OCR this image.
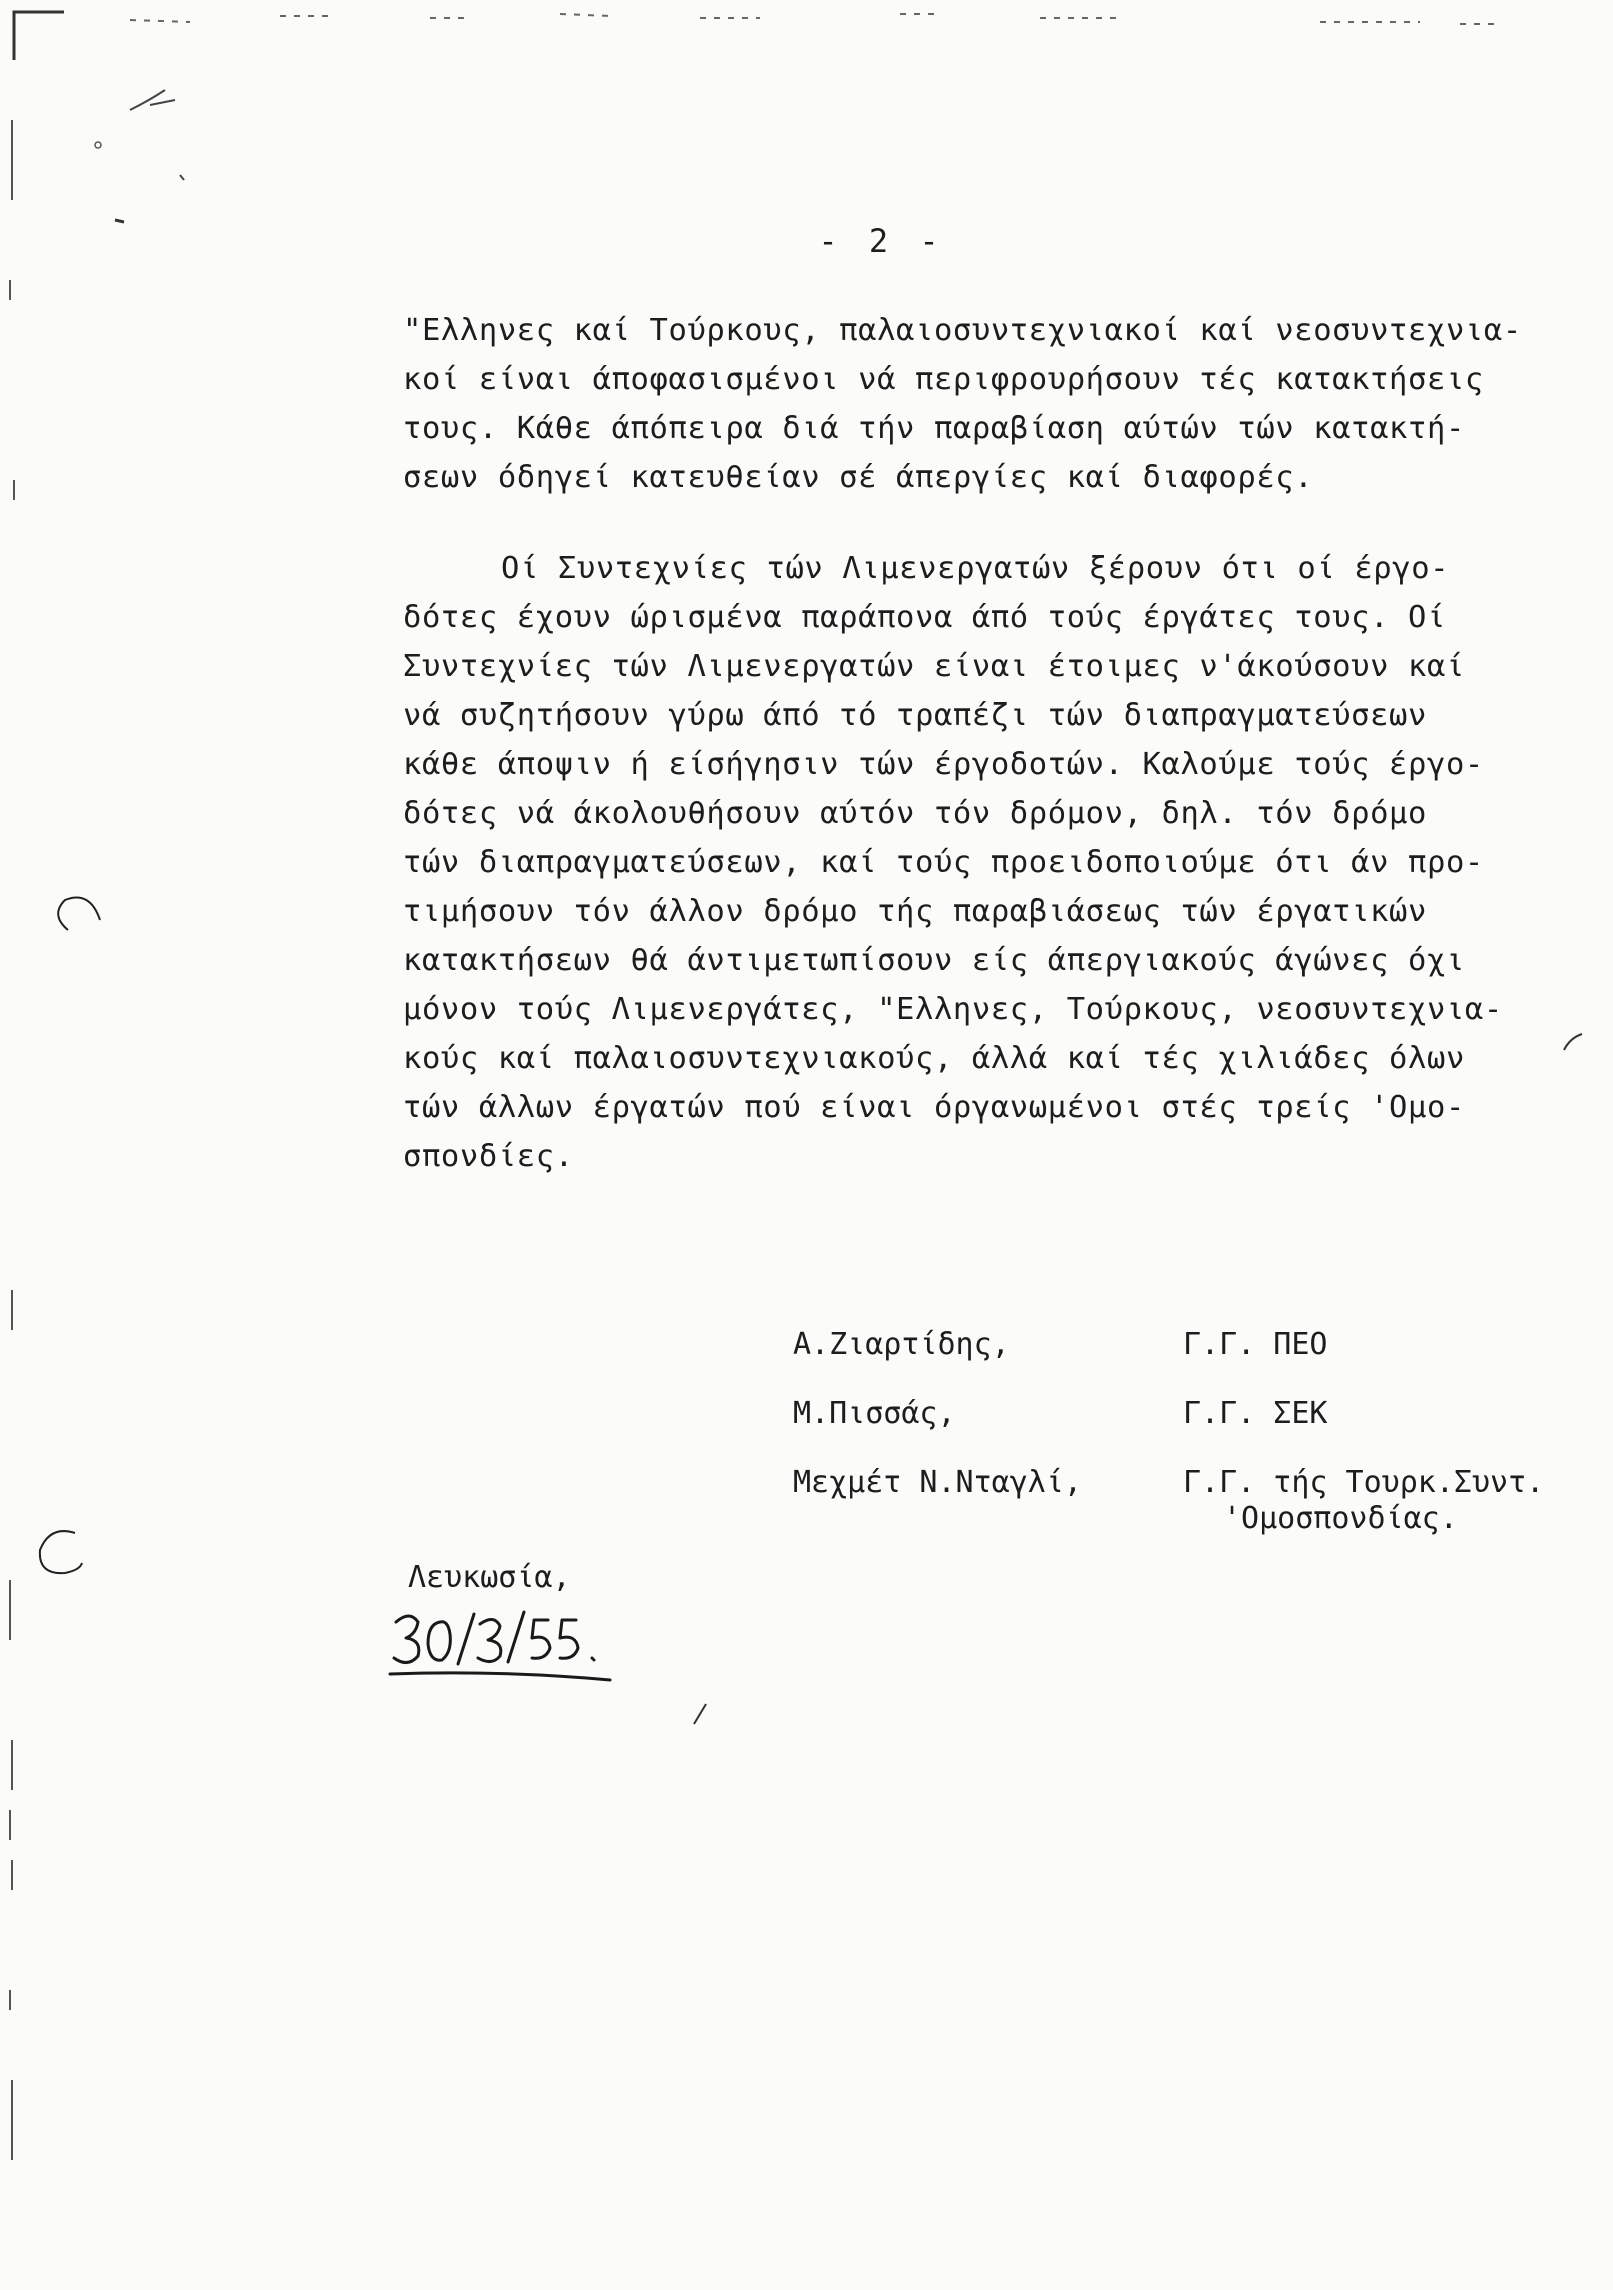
- 2 -
"Ελληνες καί Τούρκους, παλαιοσυντεχνιακοί καί νεοσυντεχνια-
κοί είναι άποφασισμένοι νά περιφρουρήσουν τές κατακτήσεις
τους. Κάθε άπόπειρα διά τήν παραβίαση αύτών τών κατακτή-
σεων όδηγεί κατευθείαν σέ άπεργίες καί διαφορές.
Οί Συντεχνίες τών Λιμενεργατών ξέρουν ότι οί έργο-
δότες έχουν ώρισμένα παράπονα άπό τούς έργάτες τους. Οί
Συντεχνίες τών Λιμενεργατών είναι έτοιμες ν'άκούσουν καί
νά συζητήσουν γύρω άπό τό τραπέζι τών διαπραγματεύσεων
κάθε άποψιν ή είσήγησιν τών έργοδοτών. Καλούμε τούς έργο-
δότες νά άκολουθήσουν αύτόν τόν δρόμον, δηλ. τόν δρόμο
τών διαπραγματεύσεων, καί τούς προειδοποιούμε ότι άν προ-
τιμήσουν τόν άλλον δρόμο τής παραβιάσεως τών έργατικών
κατακτήσεων θά άντιμετωπίσουν είς άπεργιακούς άγώνες όχι
μόνον τούς Λιμενεργάτες, "Ελληνες, Τούρκους, νεοσυντεχνια-
κούς καί παλαιοσυντεχνιακούς, άλλά καί τές χιλιάδες όλων
τών άλλων έργατών πού είναι όργανωμένοι στές τρείς 'Ομο-
σπονδίες.
Α.Ζιαρτίδης,	Γ.Γ. ΠΕΟ
Μ.Πισσάς,	Γ.Γ. ΣΕΚ
Μεχμέτ Ν.Νταγλί,	Γ.Γ. τής Τουρκ.Συντ.
'Ομοσπονδίας.
Λευκωσία,
